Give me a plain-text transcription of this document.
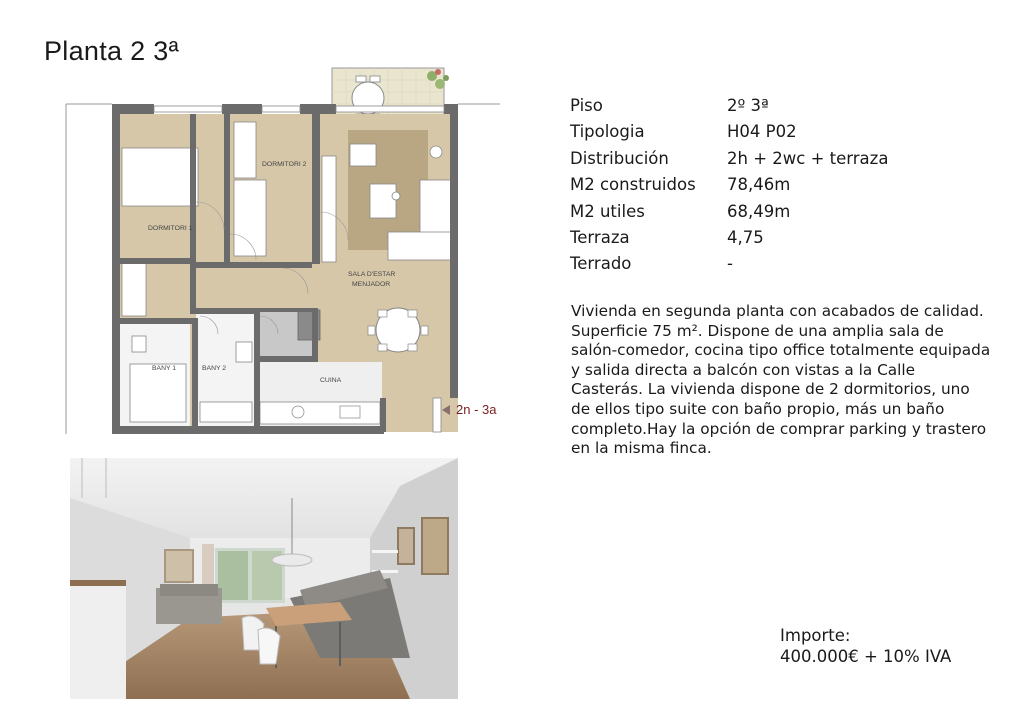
Planta 2 3ª
DORMITORI 1
DORMITORI 2
SALA D'ESTAR
MENJADOR
BANY 1	BANY 2
CUINA
2n - 3a
Piso	2º 3ª
Tipologia	H04 P02
Distribución	2h + 2wc + terraza
M2 construidos 78,46m
M2 utiles	68,49m
Terraza	4,75
Terrado	-
Vivienda en segunda planta con acabados de calidad. Superficie 75 m². Dispone de una amplia sala de salón-comedor, cocina tipo office totalmente equipada y salida directa a balcón con vistas a la Calle Casterás. La vivienda dispone de 2 dormitorios, uno de ellos tipo suite con baño propio, más un baño completo.Hay la opción de comprar parking y trastero en la misma finca.
Importe:
400.000€ + 10% IVA
